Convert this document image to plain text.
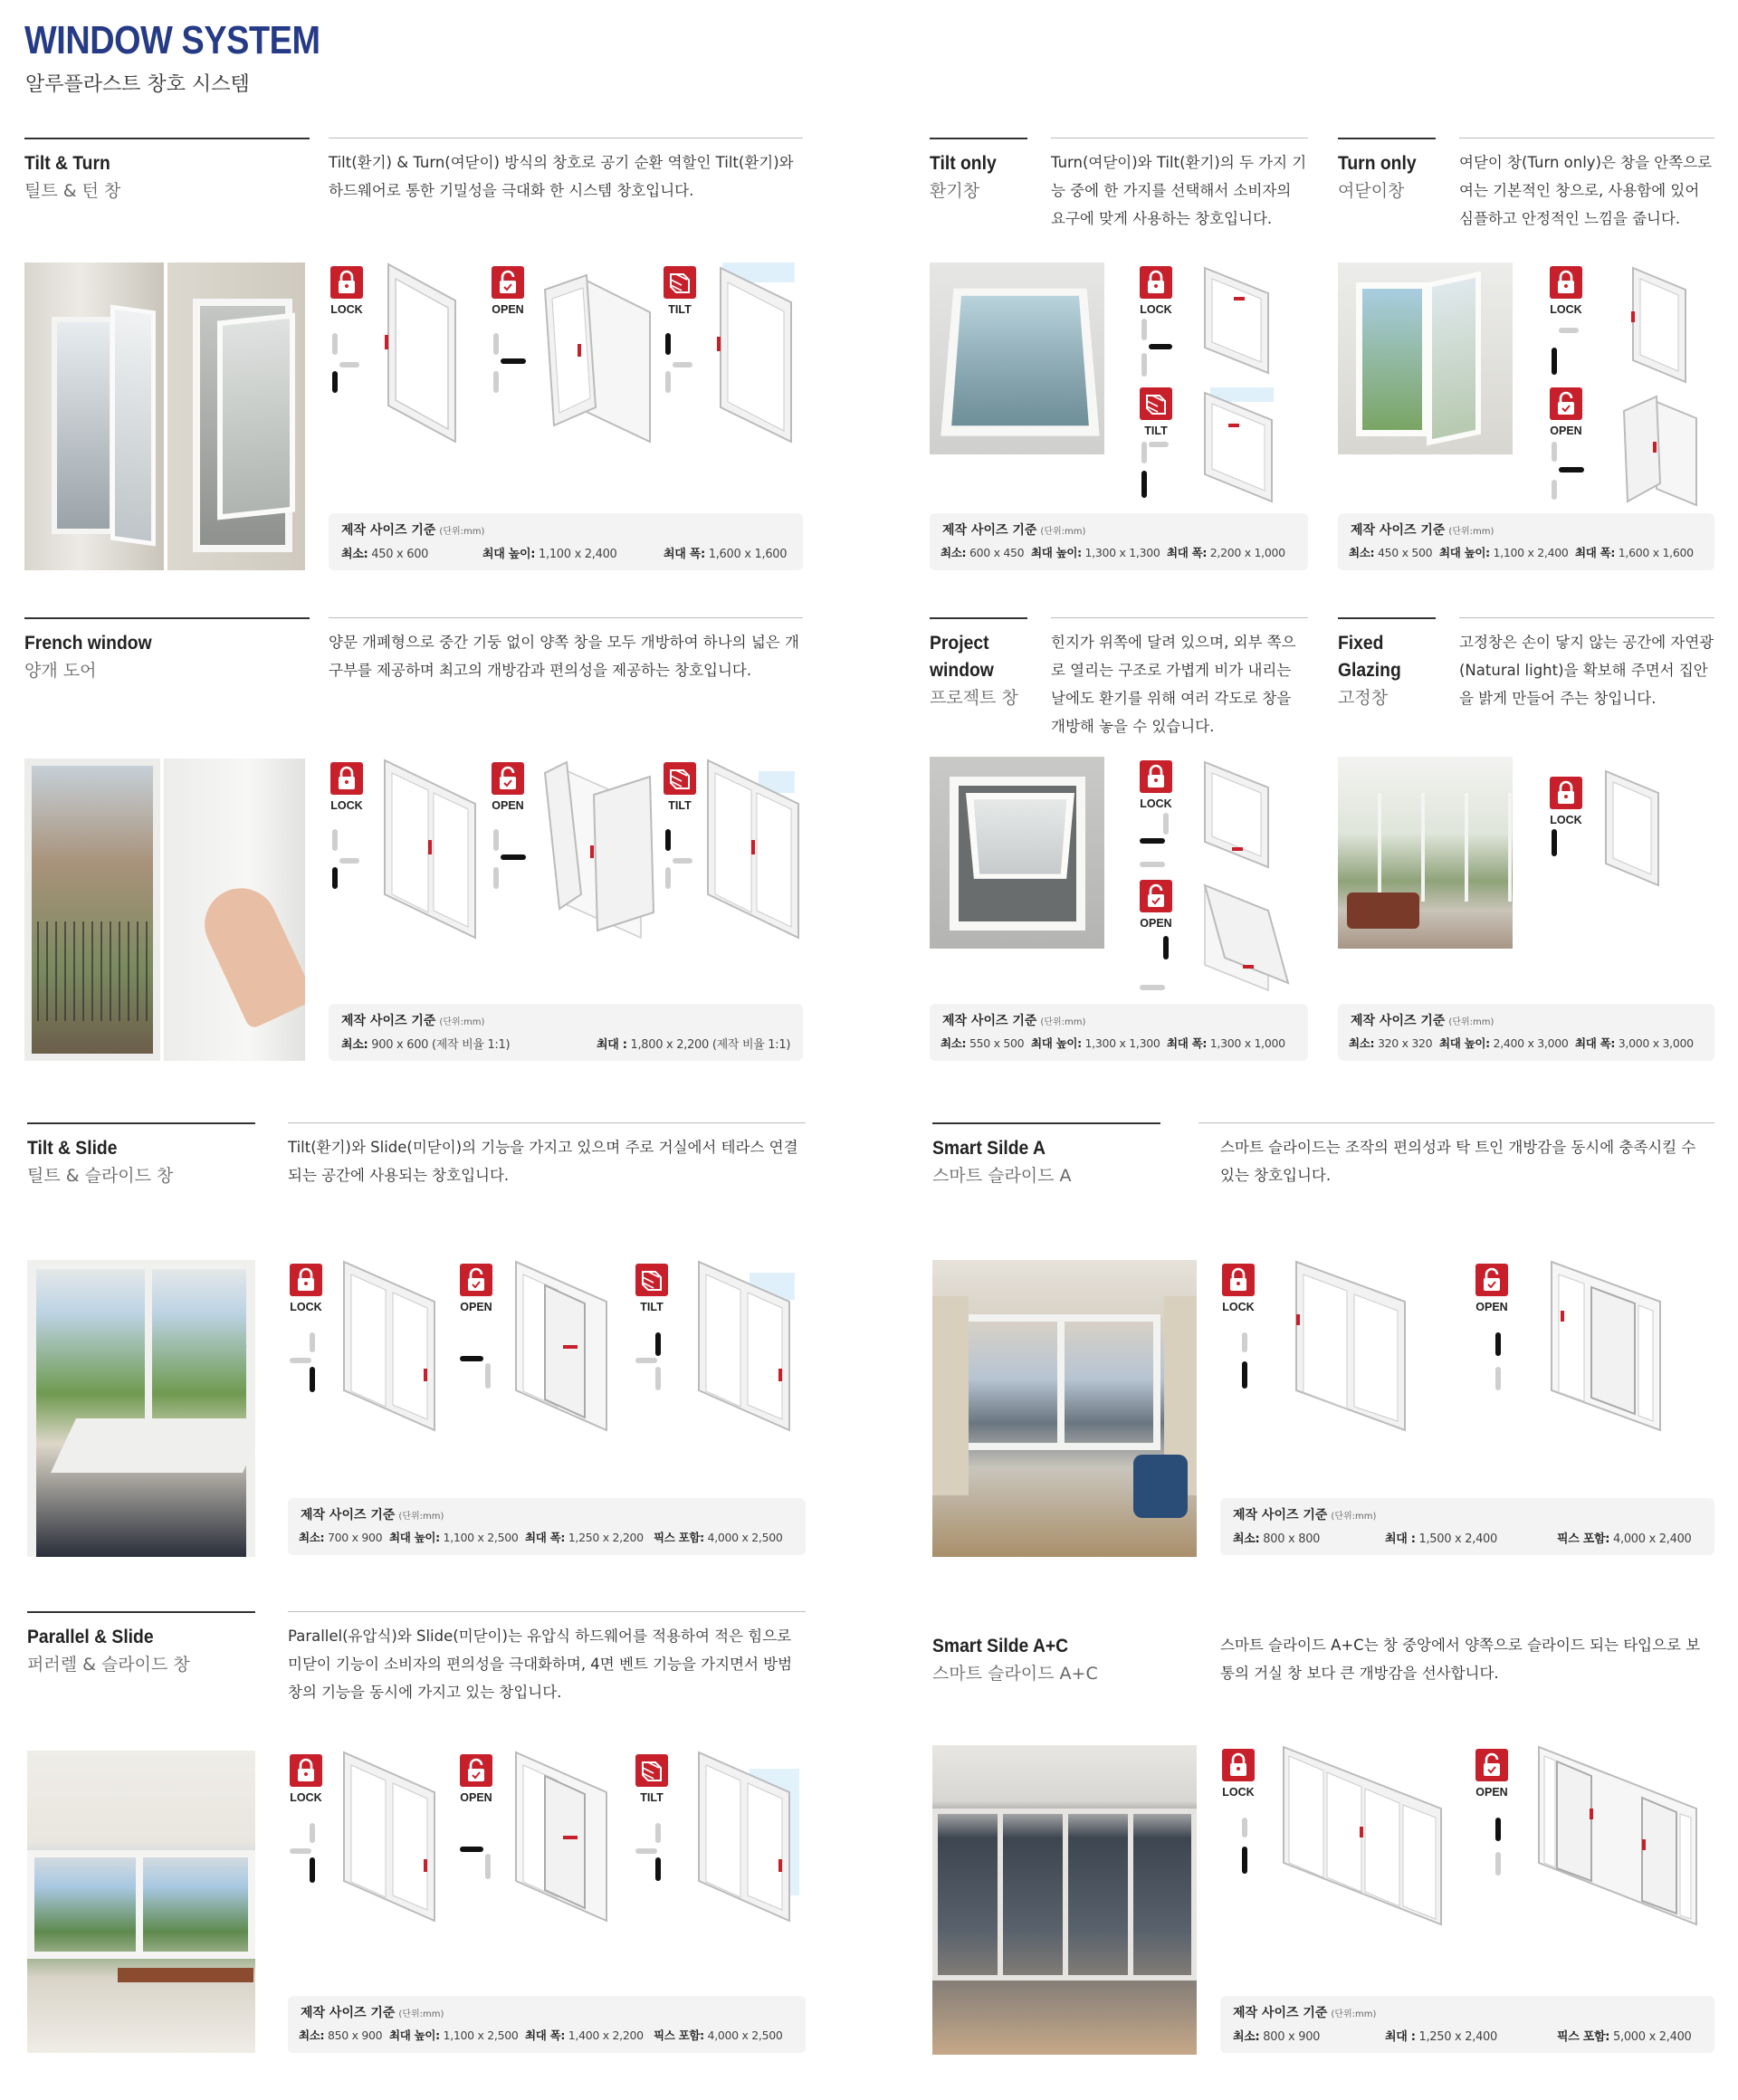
WINDOW SYSTEM
알루플라스트 창호 시스템
Tilt & Turn
틸트 & 턴 창
Tilt(환기) & Turn(여닫이) 방식의 창호로 공기 순환 역할인 Tilt(환기)와 하드웨어로 통한 기밀성을 극대화 한 시스템 창호입니다.
LOCK	OPEN	TILT
제작 사이즈 기준 (단위:mm)
최소: 450 x 600	최대 높이: 1,100 x 2,400	최대 폭: 1,600 x 1,600
Tilt only
환기창
Turn(여닫이)와 Tilt(환기)의 두 가지 기능 중에 한 가지를 선택해서 소비자의 요구에 맞게 사용하는 창호입니다.
LOCK
TILT
제작 사이즈 기준 (단위:mm)
최소: 600 x 450 최대 높이: 1,300 x 1,300 최대 폭: 2,200 x 1,000
Turn only
여닫이창
여닫이 창(Turn only)은 창을 안쪽으로 여는 기본적인 창으로, 사용함에 있어 심플하고 안정적인 느낌을 줍니다.
LOCK
OPEN
제작 사이즈 기준 (단위:mm)
최소: 450 x 500 최대 높이: 1,100 x 2,400 최대 폭: 1,600 x 1,600
French window
양개 도어
양문 개폐형으로 중간 기둥 없이 양쪽 창을 모두 개방하여 하나의 넓은 개구부를 제공하며 최고의 개방감과 편의성을 제공하는 창호입니다.
LOCK	OPEN	TILT
제작 사이즈 기준 (단위:mm)
최소: 900 x 600 (제작 비율 1:1)	최대 : 1,800 x 2,200 (제작 비율 1:1)
Project
window
프로젝트 창
힌지가 위쪽에 달려 있으며, 외부 쪽으로 열리는 구조로 가볍게 비가 내리는 날에도 환기를 위해 여러 각도로 창을 개방해 놓을 수 있습니다.
LOCK
OPEN
제작 사이즈 기준 (단위:mm)
최소: 550 x 500 최대 높이: 1,300 x 1,300 최대 폭: 1,300 x 1,000
Fixed
Glazing
고정창
고정창은 손이 닿지 않는 공간에 자연광(Natural light)을 확보해 주면서 집안을 밝게 만들어 주는 창입니다.
LOCK
제작 사이즈 기준 (단위:mm)
최소: 320 x 320 최대 높이: 2,400 x 3,000 최대 폭: 3,000 x 3,000
Tilt & Slide
틸트 & 슬라이드 창
Tilt(환기)와 Slide(미닫이)의 기능을 가지고 있으며 주로 거실에서 테라스 연결되는 공간에 사용되는 창호입니다.
LOCK	OPEN	TILT
제작 사이즈 기준 (단위:mm)
최소: 700 x 900 최대 높이: 1,100 x 2,500 최대 폭: 1,250 x 2,200 픽스 포함: 4,000 x 2,500
Smart Silde A
스마트 슬라이드 A
스마트 슬라이드는 조작의 편의성과 탁 트인 개방감을 동시에 충족시킬 수 있는 창호입니다.
LOCK	OPEN
제작 사이즈 기준 (단위:mm)
최소: 800 x 800	최대 : 1,500 x 2,400	픽스 포함: 4,000 x 2,400
Parallel & Slide
퍼러렐 & 슬라이드 창
Parallel(유압식)와 Slide(미닫이)는 유압식 하드웨어를 적용하여 적은 힘으로 미닫이 기능이 소비자의 편의성을 극대화하며, 4면 벤트 기능을 가지면서 방범창의 기능을 동시에 가지고 있는 창입니다.
LOCK	OPEN	TILT
제작 사이즈 기준 (단위:mm)
최소: 850 x 900 최대 높이: 1,100 x 2,500 최대 폭: 1,400 x 2,200 픽스 포함: 4,000 x 2,500
Smart Silde A+C
스마트 슬라이드 A+C
스마트 슬라이드 A+C는 창 중앙에서 양쪽으로 슬라이드 되는 타입으로 보통의 거실 창 보다 큰 개방감을 선사합니다.
LOCK	OPEN
제작 사이즈 기준 (단위:mm)
최소: 800 x 900	최대 : 1,250 x 2,400	픽스 포함: 5,000 x 2,400
